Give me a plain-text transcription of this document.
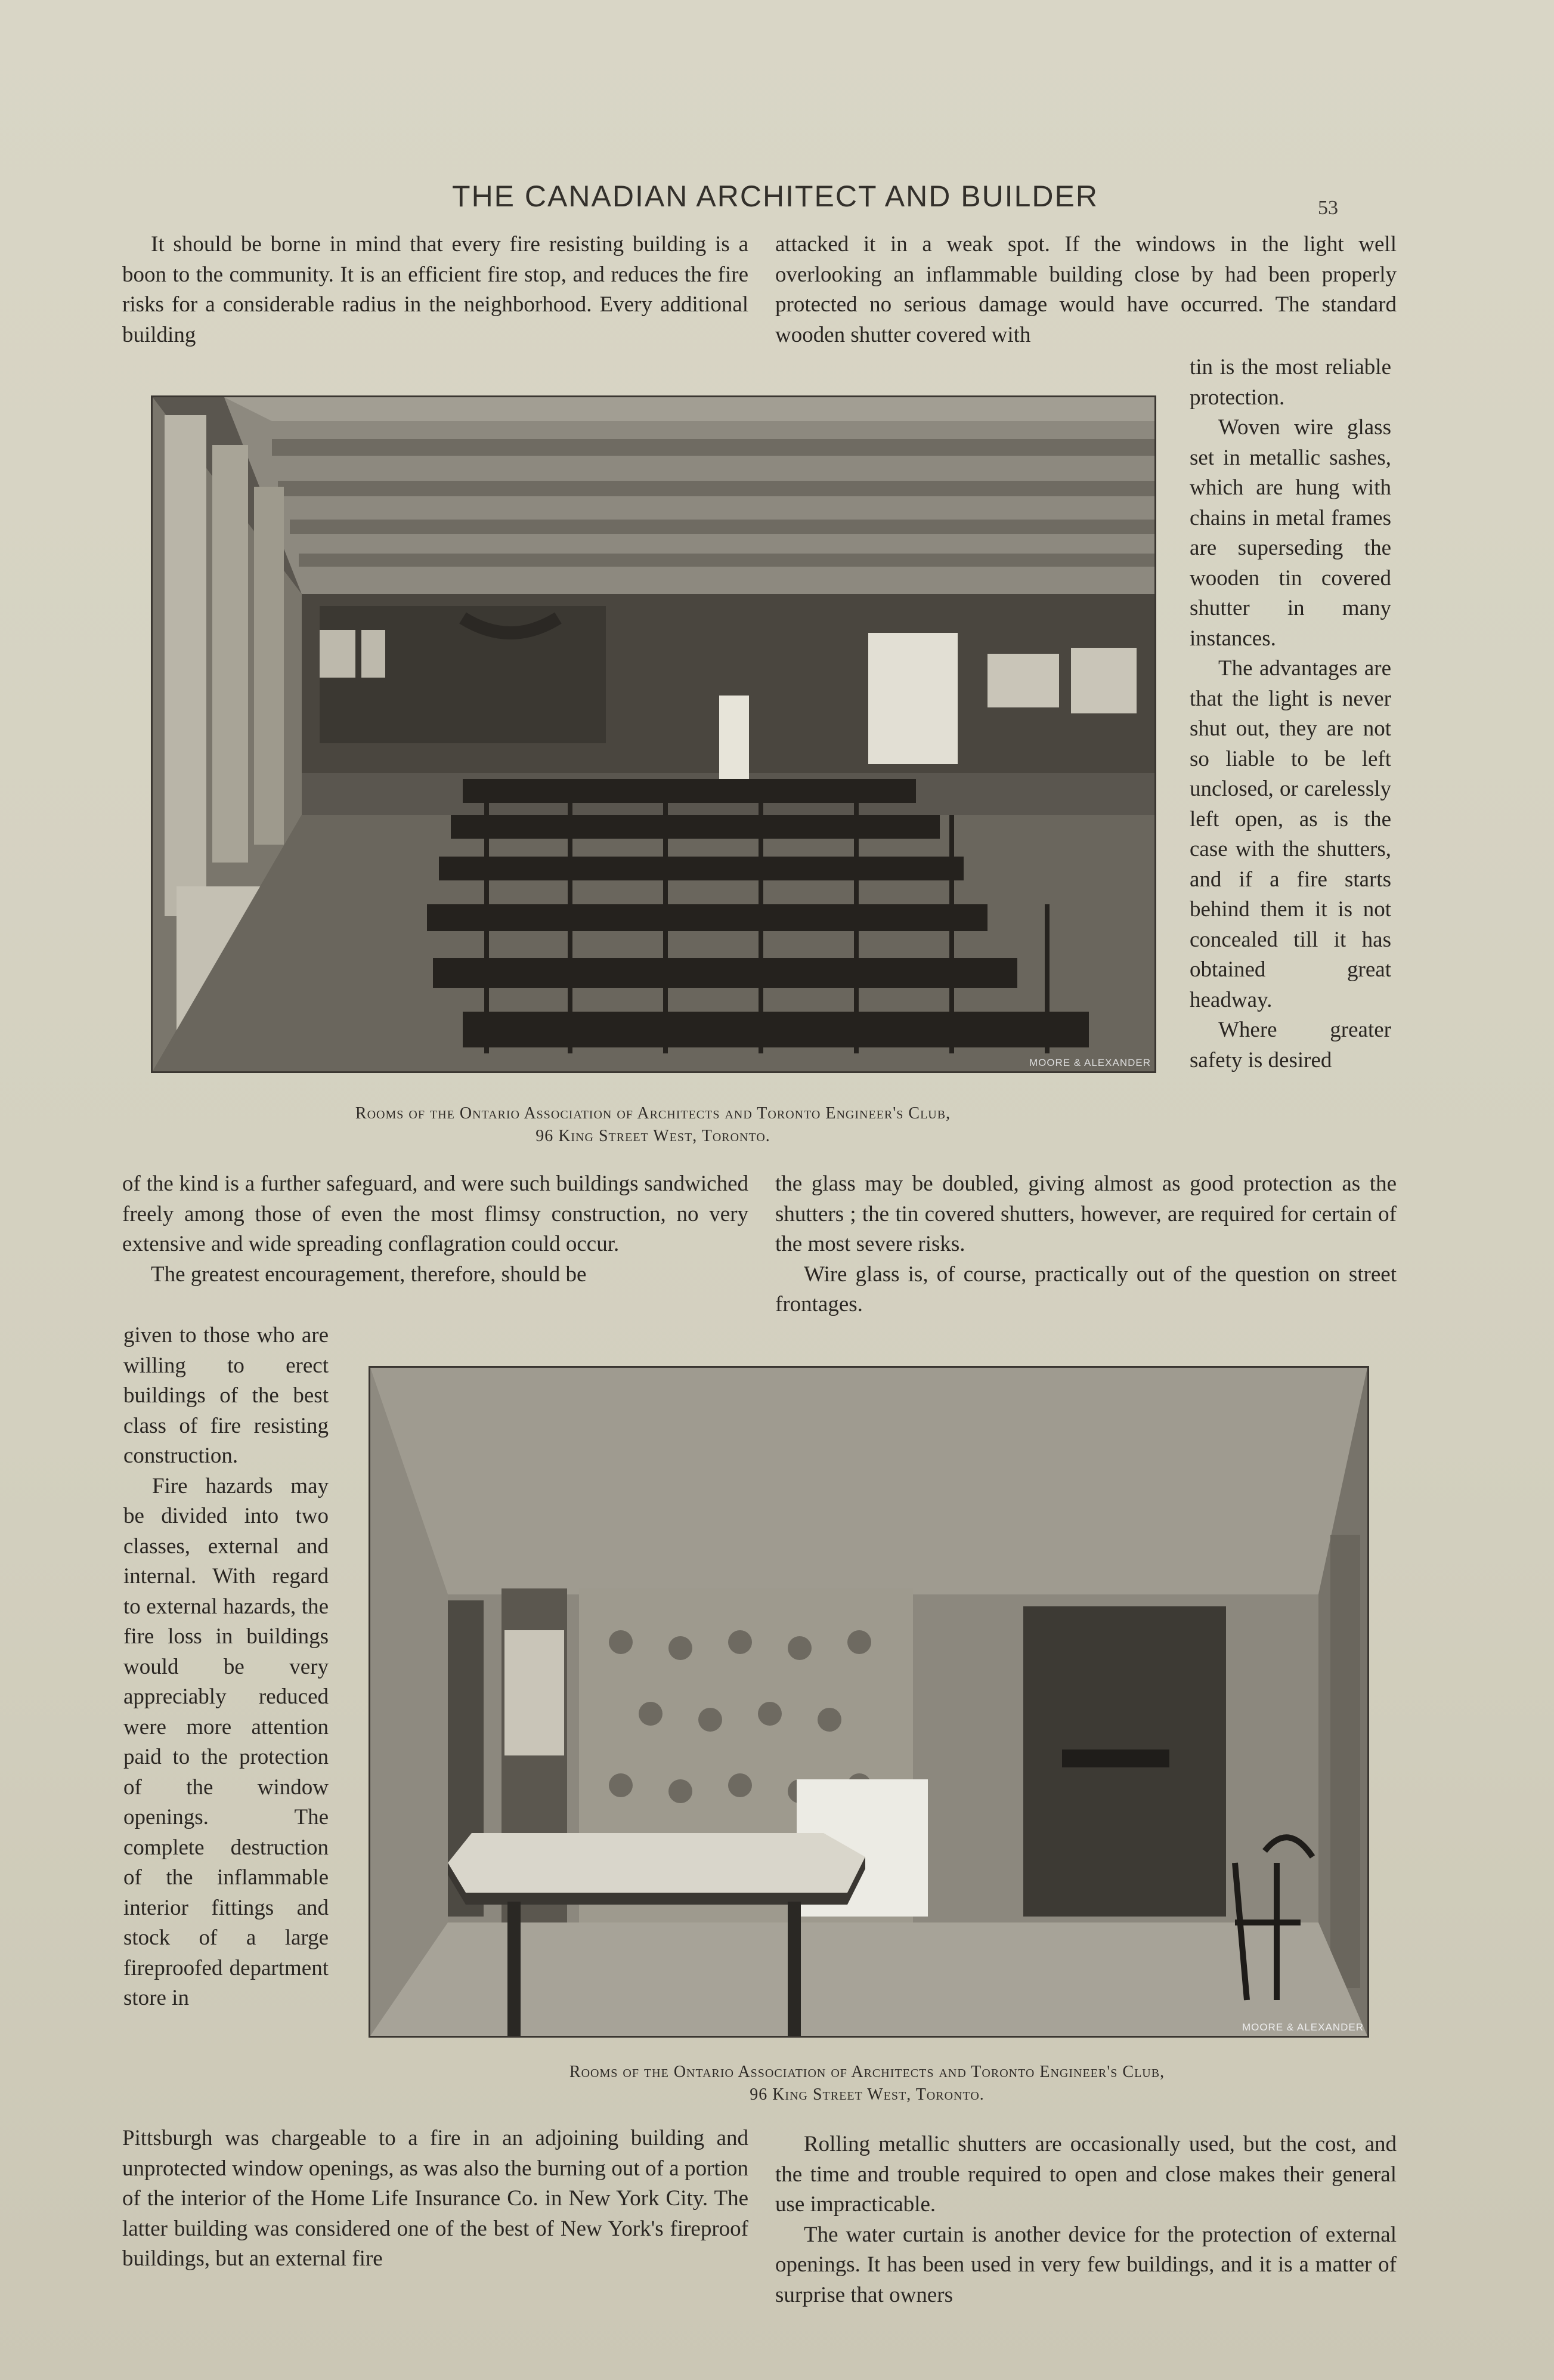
THE CANADIAN ARCHITECT AND BUILDER	53
It should be borne in mind that every fire resisting building is a boon to the community. It is an efficient fire stop, and reduces the fire risks for a considerable radius in the neighborhood. Every additional building
attacked it in a weak spot. If the windows in the light well overlooking an inflammable building close by had been properly protected no serious damage would have occurred. The standard wooden shutter covered with
MOORE & ALEXANDER

tin is the most reliable protection.

Woven wire glass set in metallic sashes, which are hung with chains in metal frames are superseding the wooden tin covered shutter in many instances.

The advantages are that the light is never shut out, they are not so liable to be left unclosed, or carelessly left open, as is the case with the shutters, and if a fire starts behind them it is not concealed till it has obtained great headway.

Where greater safety is desired

Rooms of the Ontario Association of Architects and Toronto Engineer's Club,
96 King Street West, Toronto.

of the kind is a further safeguard, and were such buildings sandwiched freely among those of even the most flimsy construction, no very extensive and wide spreading conflagration could occur.

The greatest encouragement, therefore, should be

the glass may be doubled, giving almost as good protection as the shutters ; the tin covered shutters, however, are required for certain of the most severe risks.

Wire glass is, of course, practically out of the question on street frontages.

given to those who are willing to erect buildings of the best class of fire resisting construction.

Fire hazards may be divided into two classes, external and internal. With regard to external hazards, the fire loss in buildings would be very appreciably reduced were more attention paid to the protection of the window openings. The complete destruction of the inflammable interior fittings and stock of a large fireproofed department store in

MOORE & ALEXANDER
Rooms of the Ontario Association of Architects and Toronto Engineer's Club,
96 King Street West, Toronto.
Pittsburgh was chargeable to a fire in an adjoining building and unprotected window openings, as was also the burning out of a portion of the interior of the Home Life Insurance Co. in New York City. The latter building was considered one of the best of New York's fireproof buildings, but an external fire

Rolling metallic shutters are occasionally used, but the cost, and the time and trouble required to open and close makes their general use impracticable.

The water curtain is another device for the protection of external openings. It has been used in very few buildings, and it is a matter of surprise that owners
